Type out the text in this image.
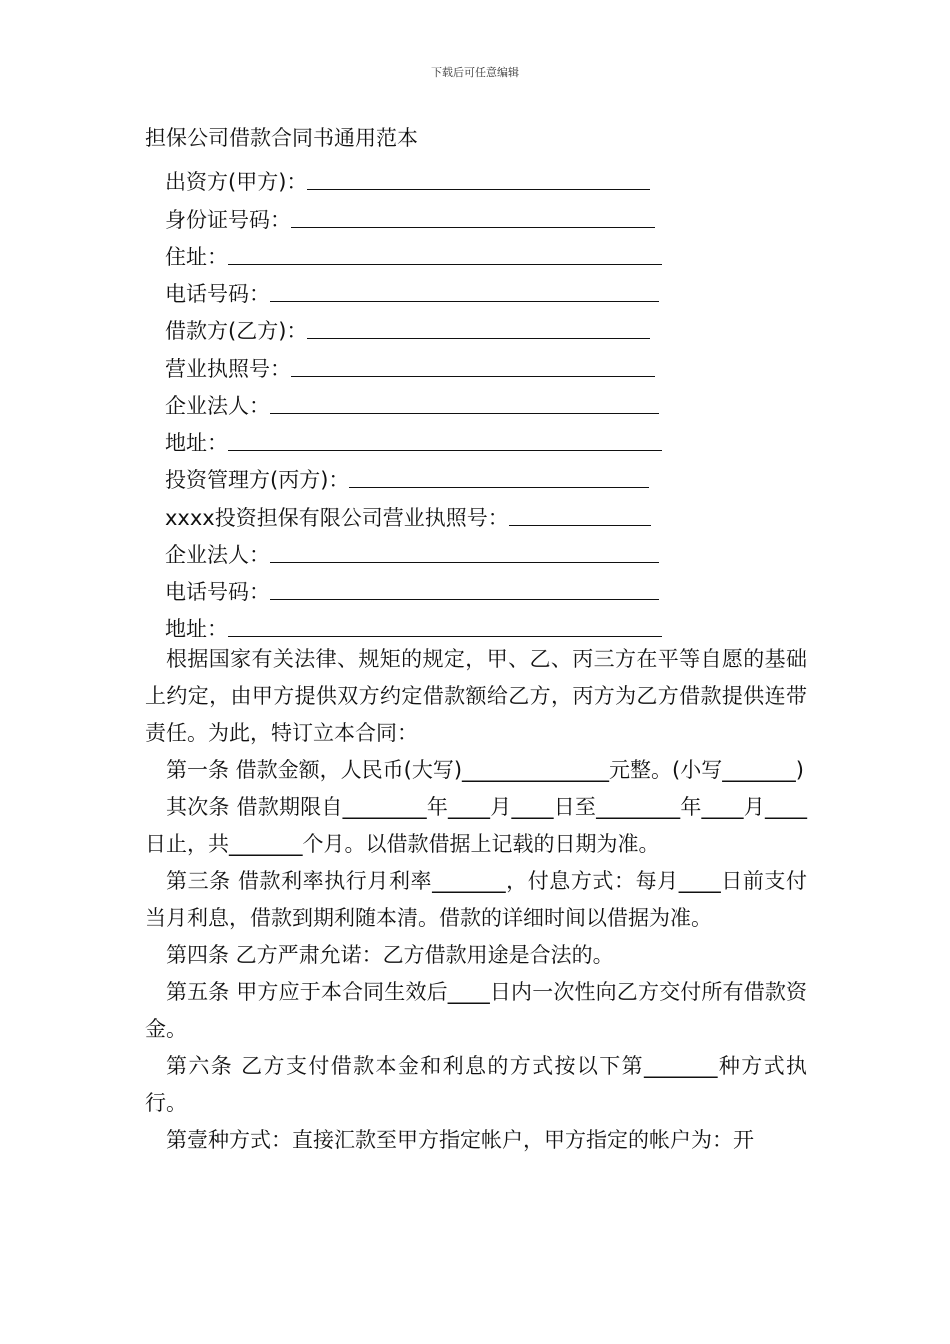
下载后可任意编辑
担保公司借款合同书通用范本
出资方(甲方)：
身份证号码：
住址：
电话号码：
借款方(乙方)：
营业执照号：
企业法人：
地址：
投资管理方(丙方)：
xxxx投资担保有限公司营业执照号：
企业法人：
电话号码：
地址：

根据国家有关法律、规矩的规定，甲、乙、丙三方在平等自愿的基础上约定，由甲方提供双方约定借款额给乙方，丙方为乙方借款提供连带责任。为此，特订立本合同：

第一条 借款金额，人民币(大写)______________元整。(小写_______)

其次条 借款期限自________年____月____日至________年____月____日止，共_______个月。以借款借据上记载的日期为准。

第三条 借款利率执行月利率_______，付息方式：每月____日前支付当月利息，借款到期利随本清。借款的详细时间以借据为准。

第四条 乙方严肃允诺：乙方借款用途是合法的。

第五条 甲方应于本合同生效后____日内一次性向乙方交付所有借款资金。

第六条 乙方支付借款本金和利息的方式按以下第_______种方式执行。

第壹种方式：直接汇款至甲方指定帐户，甲方指定的帐户为：开
